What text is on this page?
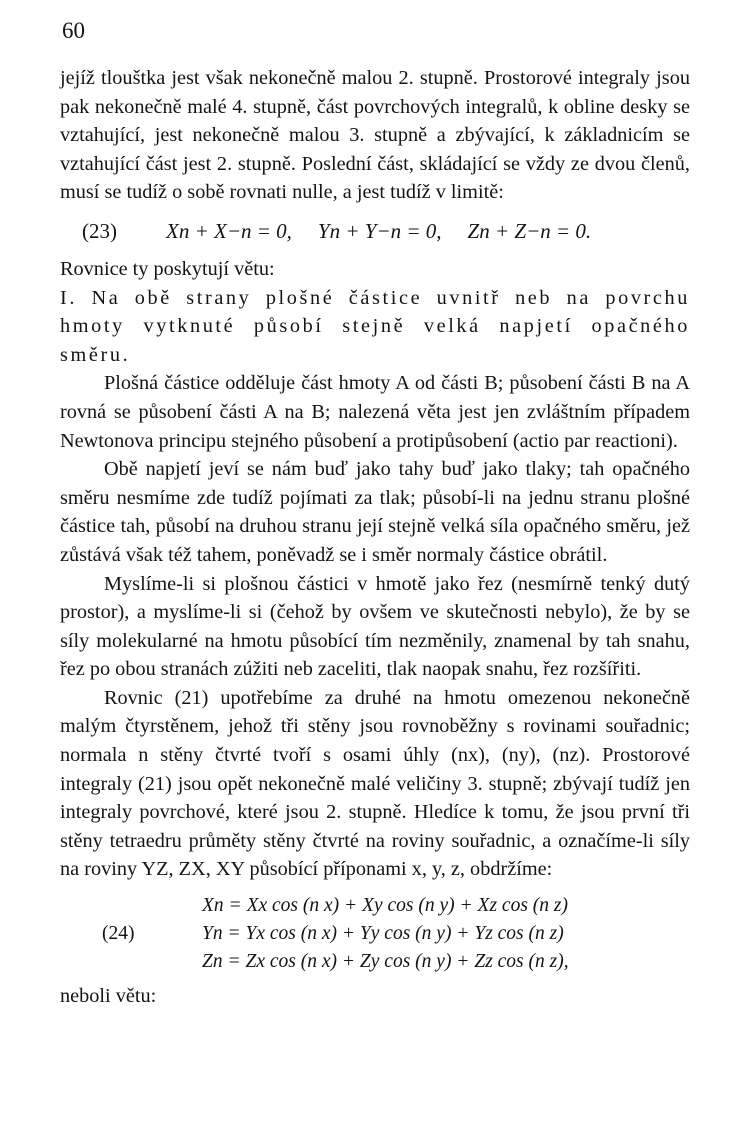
60

jejíž tlouštka jest však nekonečně malou 2. stupně. Prostorové integraly jsou pak nekonečně malé 4. stupně, část povrchových integralů, k obline desky se vztahující, jest nekonečně malou 3. stupně a zbývající, k základnicím se vztahující část jest 2. stupně. Poslední část, skládající se vždy ze dvou členů, musí se tudíž o sobě rovnati nulle, a jest tudíž v limitě:

(23)	Xn + X−n = 0, Yn + Y−n = 0, Zn + Z−n = 0.

Rovnice ty poskytují větu:

I. Na obě strany plošné částice uvnitř neb na povrchu hmoty vytknuté působí stejně velká napjetí opačného směru.

Plošná částice odděluje část hmoty A od části B; působení části B na A rovná se působení části A na B; nalezená věta jest jen zvláštním případem Newtonova principu stejného působení a protipůsobení (actio par reactioni).

Obě napjetí jeví se nám buď jako tahy buď jako tlaky; tah opačného směru nesmíme zde tudíž pojímati za tlak; působí-li na jednu stranu plošné částice tah, působí na druhou stranu její stejně velká síla opačného směru, jež zůstává však též tahem, poněvadž se i směr normaly částice obrátil.

Myslíme-li si plošnou částici v hmotě jako řez (nesmírně tenký dutý prostor), a myslíme-li si (čehož by ovšem ve skutečnosti nebylo), že by se síly molekularné na hmotu působící tím nezměnily, znamenal by tah snahu, řez po obou stranách zúžiti neb zaceliti, tlak naopak snahu, řez rozšířiti.

Rovnic (21) upotřebíme za druhé na hmotu omezenou nekonečně malým čtyrstěnem, jehož tři stěny jsou rovnoběžny s rovinami souřadnic; normala n stěny čtvrté tvoří s osami úhly (nx), (ny), (nz). Prostorové integraly (21) jsou opět nekonečně malé veličiny 3. stupně; zbývají tudíž jen integraly povrchové, které jsou 2. stupně. Hledíce k tomu, že jsou první tři stěny tetraedru průměty stěny čtvrté na roviny souřadnic, a označíme-li síly na roviny YZ, ZX, XY působící příponami x, y, z, obdržíme:

(24)
Xn = Xx cos (n x) + Xy cos (n y) + Xz cos (n z)
Yn = Yx cos (n x) + Yy cos (n y) + Yz cos (n z)
Zn = Zx cos (n x) + Zy cos (n y) + Zz cos (n z),

neboli větu:
